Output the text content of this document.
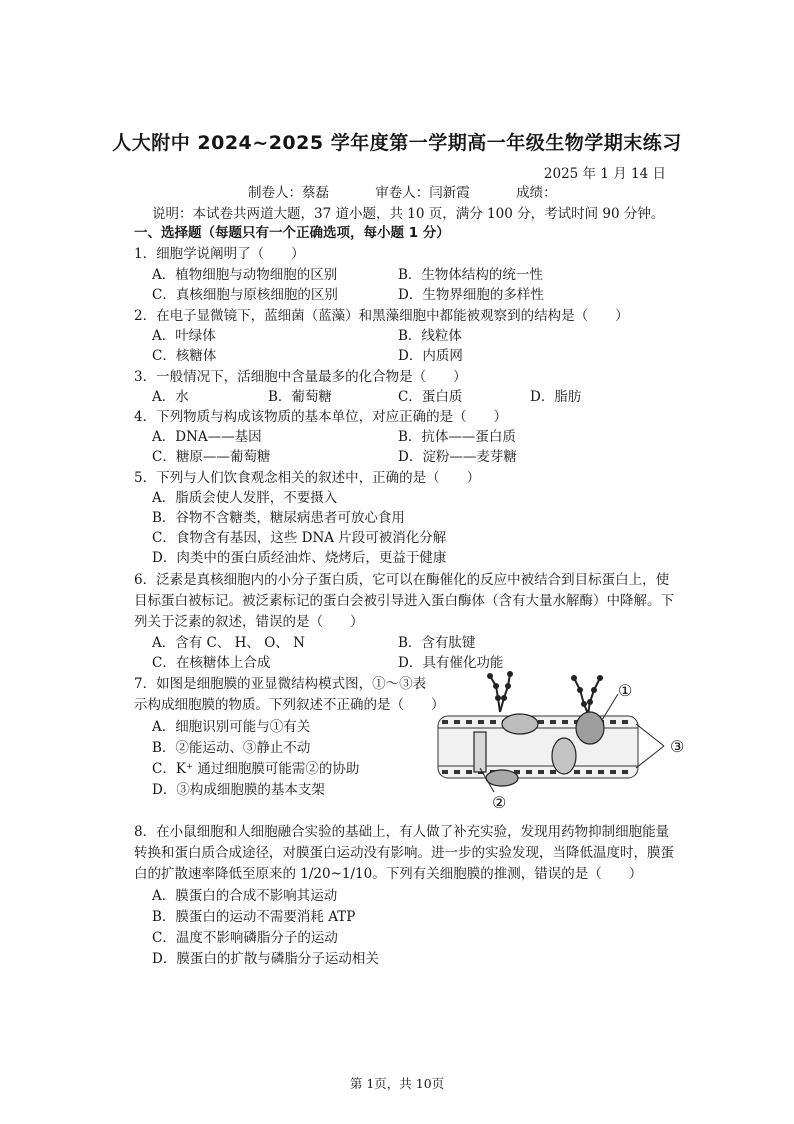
人大附中 2024~2025 学年度第一学期高一年级生物学期末练习
2025 年 1 月 14 日
制卷人：蔡磊	审卷人：闫新霞	成绩：
说明：本试卷共两道大题，37 道小题，共 10 页，满分 100 分，考试时间 90 分钟。
一、选择题（每题只有一个正确选项，每小题 1 分）
1．细胞学说阐明了（　　）
A．植物细胞与动物细胞的区别	B．生物体结构的统一性
C．真核细胞与原核细胞的区别	D．生物界细胞的多样性
2．在电子显微镜下，蓝细菌（蓝藻）和黑藻细胞中都能被观察到的结构是（　　）
A．叶绿体	B．线粒体
C．核糖体	D．内质网
3．一般情况下，活细胞中含量最多的化合物是（　　）
A．水	B．葡萄糖	C．蛋白质	D．脂肪
4．下列物质与构成该物质的基本单位，对应正确的是（　　）
A．DNA——基因	B．抗体——蛋白质
C．糖原——葡萄糖	D．淀粉——麦芽糖
5．下列与人们饮食观念相关的叙述中，正确的是（　　）
A．脂质会使人发胖，不要摄入
B．谷物不含糖类，糖尿病患者可放心食用
C．食物含有基因，这些 DNA 片段可被消化分解
D．肉类中的蛋白质经油炸、烧烤后，更益于健康
6．泛素是真核细胞内的小分子蛋白质，它可以在酶催化的反应中被结合到目标蛋白上，使
目标蛋白被标记。被泛素标记的蛋白会被引导进入蛋白酶体（含有大量水解酶）中降解。下
列关于泛素的叙述，错误的是（　　）
A．含有 C、 H、 O、 N	B．含有肽键
C．在核糖体上合成	D．具有催化功能
7．如图是细胞膜的亚显微结构模式图，①～③表
示构成细胞膜的物质。下列叙述不正确的是（　　）
A．细胞识别可能与①有关
B．②能运动、③静止不动
C．K⁺ 通过细胞膜可能需②的协助
D．③构成细胞膜的基本支架
①
②
③
8．在小鼠细胞和人细胞融合实验的基础上，有人做了补充实验，发现用药物抑制细胞能量
转换和蛋白质合成途径，对膜蛋白运动没有影响。进一步的实验发现，当降低温度时，膜蛋
白的扩散速率降低至原来的 1/20~1/10。下列有关细胞膜的推测，错误的是（　　）
A．膜蛋白的合成不影响其运动
B．膜蛋白的运动不需要消耗 ATP
C．温度不影响磷脂分子的运动
D．膜蛋白的扩散与磷脂分子运动相关
第 1页，共 10页
